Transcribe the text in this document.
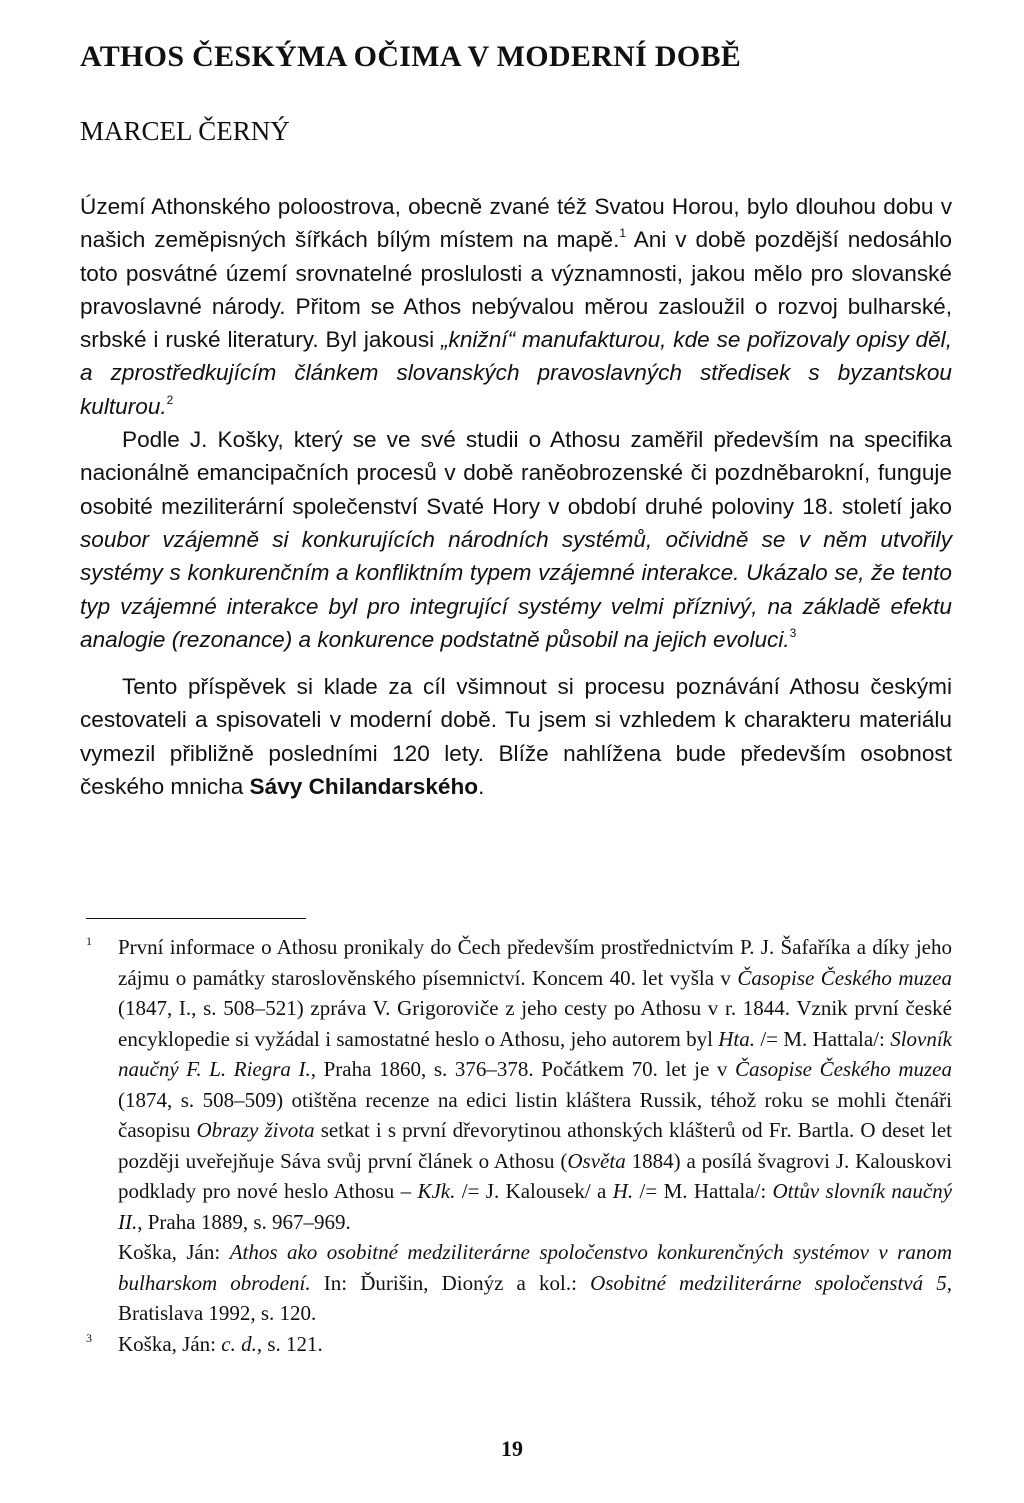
ATHOS ČESKÝMA OČIMA V MODERNÍ DOBĚ
MARCEL ČERNÝ

Území Athonského poloostrova, obecně zvané též Svatou Horou, bylo dlouhou dobu v našich zeměpisných šířkách bílým místem na mapě.$^1$ Ani v době pozdější nedosáhlo toto posvátné území srovnatelné proslulosti a významnosti, jakou mělo pro slovanské pravoslavné národy. Přitom se Athos nebývalou měrou zasloužil o rozvoj bulharské, srbské i ruské literatury. Byl jakousi „knižní“ manufakturou, kde se pořizovaly opisy děl, a zprostředkujícím článkem slovanských pravoslavných středisek s byzantskou kulturou.$^2$

Podle J. Košky, který se ve své studii o Athosu zaměřil především na specifika nacionálně emancipačních procesů v době raněobrozenské či pozdněbarokní, funguje osobité meziliterární společenství Svaté Hory v období druhé poloviny 18. století jako soubor vzájemně si konkurujících národních systémů, očividně se v něm utvořily systémy s konkurenčním a konfliktním typem vzájemné interakce. Ukázalo se, že tento typ vzájemné interakce byl pro integrující systémy velmi příznivý, na základě efektu analogie (rezonance) a konkurence podstatně působil na jejich evoluci.$^3$

Tento příspěvek si klade za cíl všimnout si procesu poznávání Athosu českými cestovateli a spisovateli v moderní době. Tu jsem si vzhledem k charakteru materiálu vymezil přibližně posledními 120 lety. Blíže nahlížena bude především osobnost českého mnicha Sávy Chilandarského.

1 První informace o Athosu pronikaly do Čech především prostřednictvím P. J. Šafaříka a díky jeho zájmu o památky staroslověnského písemnictví. Koncem 40. let vyšla v Časopise Českého muzea (1847, I., s. 508–521) zpráva V. Grigoroviče z jeho cesty po Athosu v r. 1844. Vznik první české encyklopedie si vyžádal i samostatné heslo o Athosu, jeho autorem byl Hta. /= M. Hattala/: Slovník naučný F. L. Riegra I., Praha 1860, s. 376–378. Počátkem 70. let je v Časopise Českého muzea (1874, s. 508–509) otištěna recenze na edici listin kláštera Russik, téhož roku se mohli čtenáři časopisu Obrazy života setkat i s první dřevorytinou athonských klášterů od Fr. Bartla. O deset let později uveřejňuje Sáva svůj první článek o Athosu (Osvěta 1884) a posílá švagrovi J. Kalouskovi podklady pro nové heslo Athosu – KJk. /= J. Kalousek/ a H. /= M. Hattala/: Ottův slovník naučný II., Praha 1889, s. 967–969.

Koška, Ján: Athos ako osobitné medziliterárne spoločenstvo konkurenčných systémov v ranom bulharskom obrodení. In: Ďurišin, Dionýz a kol.: Osobitné medziliterárne spoločenstvá 5, Bratislava 1992, s. 120.

3 Koška, Ján: c. d., s. 121.

19
